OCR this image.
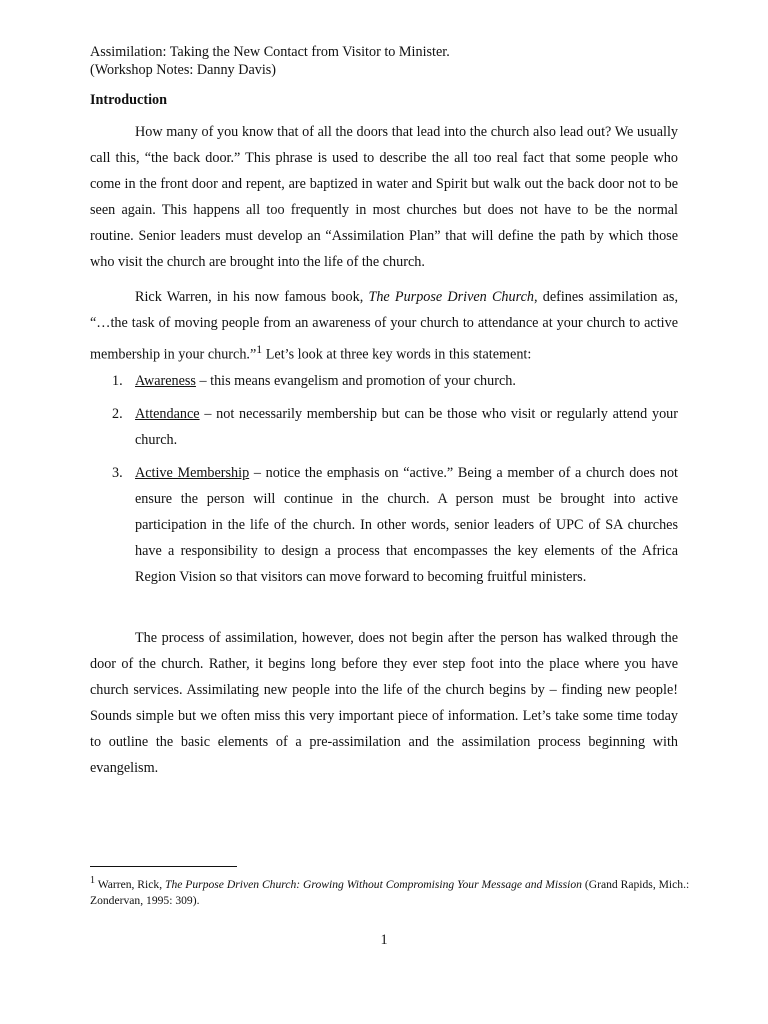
Assimilation: Taking the New Contact from Visitor to Minister.
(Workshop Notes: Danny Davis)
Introduction

How many of you know that of all the doors that lead into the church also lead out? We usually call this, “the back door.” This phrase is used to describe the all too real fact that some people who come in the front door and repent, are baptized in water and Spirit but walk out the back door not to be seen again. This happens all too frequently in most churches but does not have to be the normal routine. Senior leaders must develop an “Assimilation Plan” that will define the path by which those who visit the church are brought into the life of the church.

Rick Warren, in his now famous book, The Purpose Driven Church, defines assimilation as, “…the task of moving people from an awareness of your church to attendance at your church to active membership in your church.”$^1$ Let’s look at three key words in this statement:

1. Awareness – this means evangelism and promotion of your church.
2. Attendance – not necessarily membership but can be those who visit or regularly attend your church.
3. Active Membership – notice the emphasis on “active.” Being a member of a church does not ensure the person will continue in the church. A person must be brought into active participation in the life of the church. In other words, senior leaders of UPC of SA churches have a responsibility to design a process that encompasses the key elements of the Africa Region Vision so that visitors can move forward to becoming fruitful ministers.

The process of assimilation, however, does not begin after the person has walked through the door of the church. Rather, it begins long before they ever step foot into the place where you have church services. Assimilating new people into the life of the church begins by – finding new people! Sounds simple but we often miss this very important piece of information. Let’s take some time today to outline the basic elements of a pre-assimilation and the assimilation process beginning with evangelism.

$^1$ Warren, Rick, The Purpose Driven Church: Growing Without Compromising Your Message and Mission (Grand Rapids, Mich.: Zondervan, 1995: 309).
1
